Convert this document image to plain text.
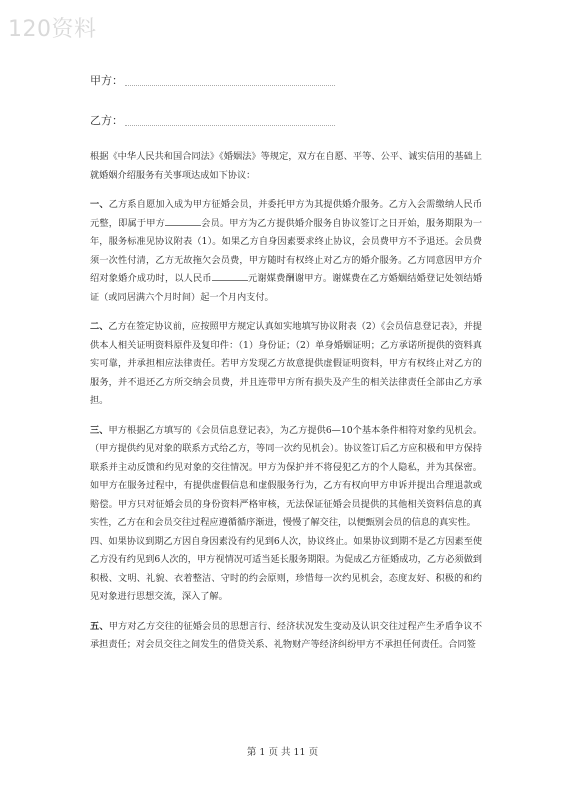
120资料
甲方：
乙方：

根据《中华人民共和国合同法》《婚姻法》等规定，双方在自愿、平等、公平、诚实信用的基础上就婚姻介绍服务有关事项达成如下协议：

一、乙方系自愿加入成为甲方征婚会员，并委托甲方为其提供婚介服务。乙方入会需缴纳人民币元整，即属于甲方	会员。甲方为乙方提供婚介服务自协议签订之日开始，服务期限为一年，服务标准见协议附表（1）。如果乙方自身因素要求终止协议，会员费甲方不予退还。会员费须一次性付清，乙方无故拖欠会员费，甲方随时有权终止对乙方的婚介服务。乙方同意因甲方介绍对象婚介成功时，以人民币	元谢媒费酬谢甲方。谢媒费在乙方婚姻结婚登记处领结婚证（或同居满六个月时间）起一个月内支付。

二、乙方在签定协议前，应按照甲方规定认真如实地填写协议附表（2）《会员信息登记表》，并提供本人相关证明资料原件及复印件：（1）身份证；（2）单身婚姻证明；乙方承诺所提供的资料真实可靠，并承担相应法律责任。若甲方发现乙方故意提供虚假证明资料，甲方有权终止对乙方的服务，并不退还乙方所交纳会员费，并且连带甲方所有损失及产生的相关法律责任全部由乙方承担。

三、甲方根据乙方填写的《会员信息登记表》，为乙方提供6—10个基本条件相符对象约见机会。（甲方提供约见对象的联系方式给乙方，等同一次约见机会）。协议签订后乙方应积极和甲方保持联系并主动反馈和约见对象的交往情况。甲方为保护并不将侵犯乙方的个人隐私，并为其保密。如甲方在服务过程中，有提供虚假信息和虚假服务行为，乙方有权向甲方申诉并提出合理退款或赔偿。甲方只对征婚会员的身份资料严格审核，无法保证征婚会员提供的其他相关资料信息的真实性，乙方在和会员交往过程应遵循循序渐进，慢慢了解交往，以便甄别会员的信息的真实性。

四、如果协议到期乙方因自身因素没有约见到6人次，协议终止。如果协议到期不是乙方因素至使乙方没有约见到6人次的，甲方视情况可适当延长服务期限。为促成乙方征婚成功，乙方必须做到积极、文明、礼貌、衣着整洁、守时的约会原则，珍惜每一次约见机会，态度友好、积极的和约见对象进行思想交流，深入了解。

五、甲方对乙方交往的征婚会员的思想言行、经济状况发生变动及认识交往过程产生矛盾争议不承担责任；对会员交往之间发生的借贷关系、礼物财产等经济纠纷甲方不承担任何责任。合同签

第 1 页 共 11 页
